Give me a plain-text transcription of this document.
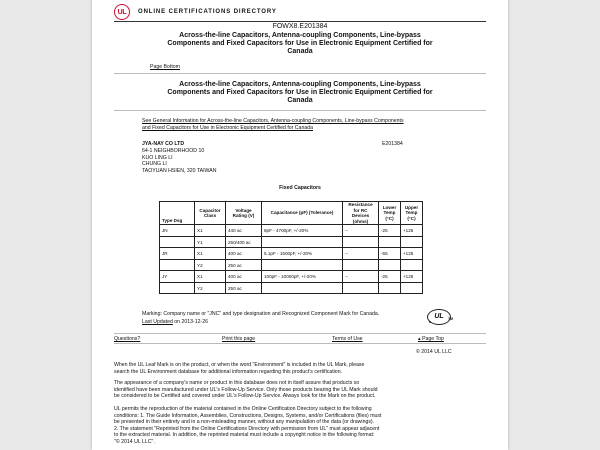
UL	ONLINE CERTIFICATIONS DIRECTORY
FOWX8.E201384
Across-the-line Capacitors, Antenna-coupling Components, Line-bypass
Components and Fixed Capacitors for Use in Electronic Equipment Certified for
Canada
Page Bottom
Across-the-line Capacitors, Antenna-coupling Components, Line-bypass
Components and Fixed Capacitors for Use in Electronic Equipment Certified for
Canada
See General Information for Across-the-line Capacitors, Antenna-coupling Components, Line-bypass Components
and Fixed Capacitors for Use in Electronic Equipment Certified for Canada
JYA-NAY CO LTD
64-1 NEIGHBORHOOD 10
KUO LING LI
CHUNG LI
TAOYUAN HSIEN, 320 TAIWAN
E201384
Fixed Capacitors
Type Dsg	Capacitor Class	Voltage Rating (V)	Capacitance (pF) (Tolerance)	Resistance for RC Devices (ohms)	Lower Temp (°C)	Upper Temp (°C)
JN	X1	440 ac	8pF - 4700pF, +/-20%	--	-25	+125
	Y1	250/400 ac				
JR	X1	400 ac	5.1pF - 1500pF, +/-20%	--	-55	+125
	Y2	250 ac				
JY	X1	400 ac	100pF - 10000pF, +/-20%	--	-25	+125
	Y2	250 ac				
Marking: Company name or "JNC" and type designation and Recognized Component Mark for Canada.
c
UL TM
Last Updated on 2013-12-26
Questions?	Print this page	Terms of Use	▴ Page Top
© 2014 UL LLC
When the UL Leaf Mark is on the product, or when the word "Environment" is included in the UL Mark, please
search the UL Environment database for additional information regarding this product's certification.
The appearance of a company's name or product in this database does not in itself assure that products so
identified have been manufactured under UL's Follow-Up Service. Only those products bearing the UL Mark should
be considered to be Certified and covered under UL's Follow-Up Service. Always look for the Mark on the product.
UL permits the reproduction of the material contained in the Online Certification Directory subject to the following
conditions: 1. The Guide Information, Assemblies, Constructions, Designs, Systems, and/or Certifications (files) must
be presented in their entirety and in a non-misleading manner, without any manipulation of the data (or drawings).
2. The statement "Reprinted from the Online Certifications Directory with permission from UL" must appear adjacent
to the extracted material. In addition, the reprinted material must include a copyright notice in the following format:
"© 2014 UL LLC".
